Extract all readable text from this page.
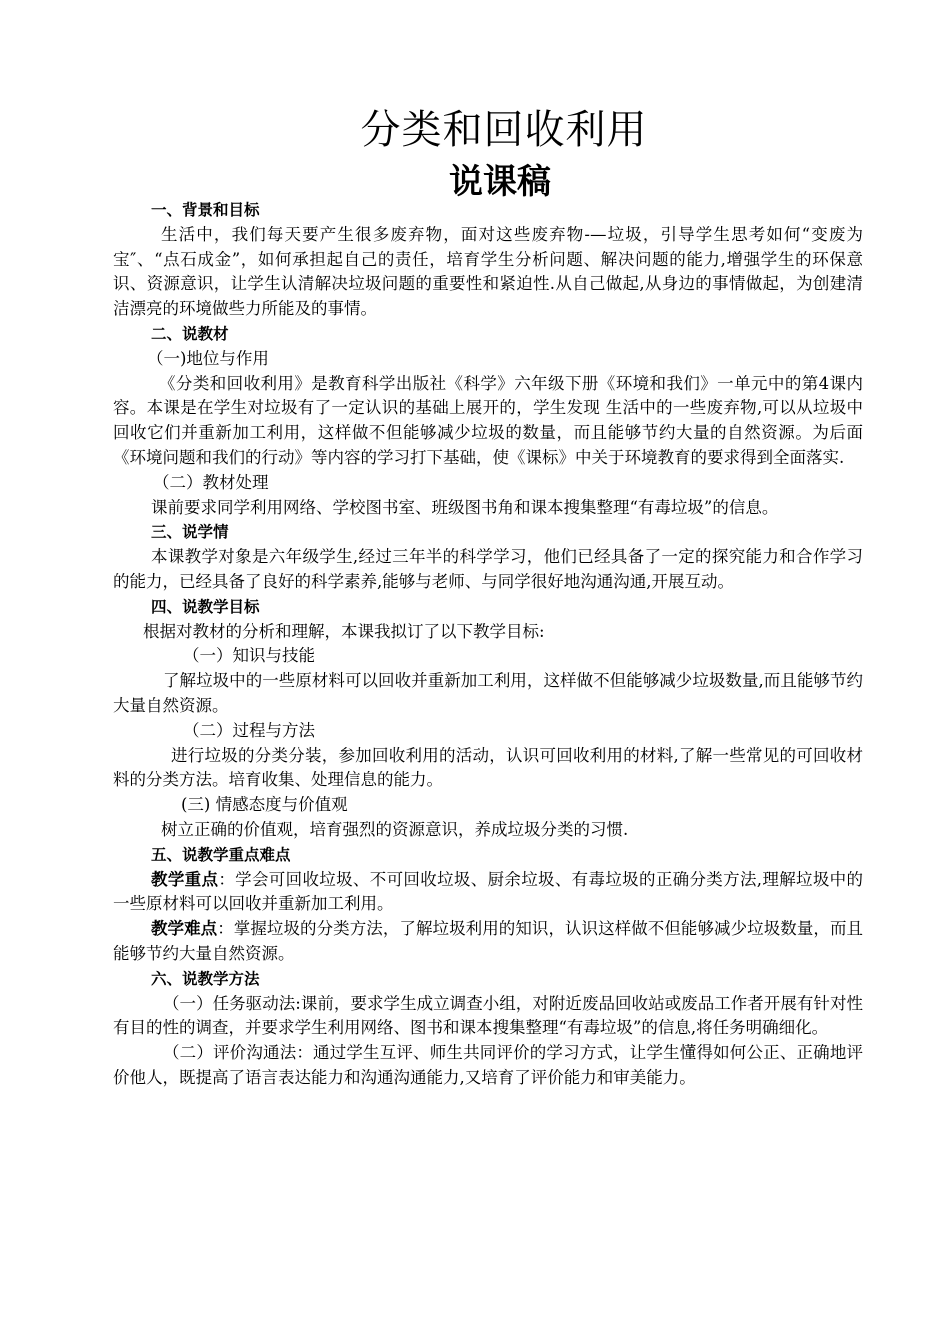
分类和回收利用
说课稿

一、背景和目标

生活中，我们每天要产生很多废弃物，面对这些废弃物-—垃圾，引导学生思考如何“变废为宝″、“点石成金”，如何承担起自己的责任，培育学生分析问题、解决问题的能力,增强学生的环保意识、资源意识，让学生认清解决垃圾问题的重要性和紧迫性.从自己做起,从身边的事情做起，为创建清洁漂亮的环境做些力所能及的事情。

二、说教材

（一)地位与作用

《分类和回收利用》是教育科学出版社《科学》六年级下册《环境和我们》一单元中的第4课内容。本课是在学生对垃圾有了一定认识的基础上展开的，学生发现 生活中的一些废弃物,可以从垃圾中回收它们并重新加工利用，这样做不但能够减少垃圾的数量，而且能够节约大量的自然资源。为后面《环境问题和我们的行动》等内容的学习打下基础，使《课标》中关于环境教育的要求得到全面落实.

（二）教材处理

课前要求同学利用网络、学校图书室、班级图书角和课本搜集整理“有毒垃圾”的信息。

三、说学情

本课教学对象是六年级学生,经过三年半的科学学习，他们已经具备了一定的探究能力和合作学习的能力，已经具备了良好的科学素养,能够与老师、与同学很好地沟通沟通,开展互动。

四、说教学目标

根据对教材的分析和理解，本课我拟订了以下教学目标:

（一）知识与技能

了解垃圾中的一些原材料可以回收并重新加工利用，这样做不但能够减少垃圾数量,而且能够节约大量自然资源。

（二）过程与方法

进行垃圾的分类分装，参加回收利用的活动，认识可回收利用的材料,了解一些常见的可回收材料的分类方法。培育收集、处理信息的能力。

(三) 情感态度与价值观

树立正确的价值观，培育强烈的资源意识，养成垃圾分类的习惯.

五、说教学重点难点

教学重点：学会可回收垃圾、不可回收垃圾、厨余垃圾、有毒垃圾的正确分类方法,理解垃圾中的一些原材料可以回收并重新加工利用。

教学难点：掌握垃圾的分类方法，了解垃圾利用的知识，认识这样做不但能够减少垃圾数量，而且能够节约大量自然资源。

六、说教学方法

（一）任务驱动法:课前，要求学生成立调查小组，对附近废品回收站或废品工作者开展有针对性有目的性的调查，并要求学生利用网络、图书和课本搜集整理“有毒垃圾”的信息,将任务明确细化。

（二）评价沟通法：通过学生互评、师生共同评价的学习方式，让学生懂得如何公正、正确地评价他人，既提高了语言表达能力和沟通沟通能力,又培育了评价能力和审美能力。
